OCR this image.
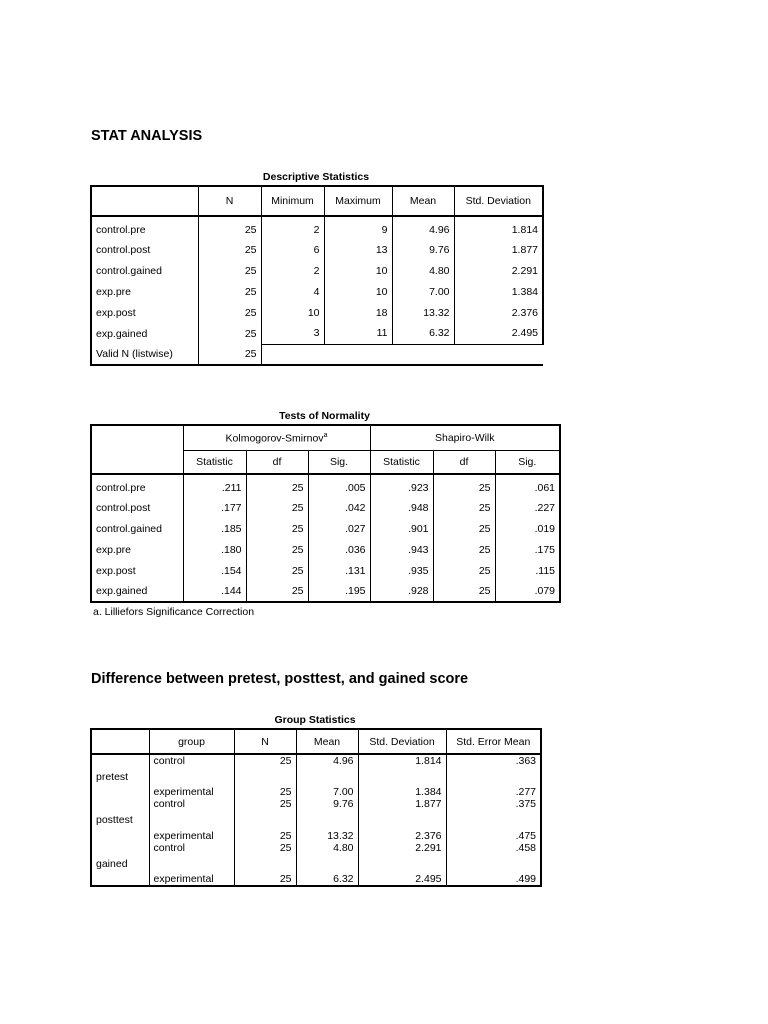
STAT ANALYSIS
Descriptive Statistics
	N	Minimum	Maximum	Mean	Std. Deviation
control.pre	25	2	9	4.96	1.814
control.post	25	6	13	9.76	1.877
control.gained	25	2	10	4.80	2.291
exp.pre	25	4	10	7.00	1.384
exp.post	25	10	18	13.32	2.376
exp.gained	25	3	11	6.32	2.495
Valid N (listwise)	25				
Tests of Normality
	Kolmogorov-Smirnov$^a$			Shapiro-Wilk		
	Statistic	df	Sig.	Statistic	df	Sig.
control.pre	.211	25	.005	.923	25	.061
control.post	.177	25	.042	.948	25	.227
control.gained	.185	25	.027	.901	25	.019
exp.pre	.180	25	.036	.943	25	.175
exp.post	.154	25	.131	.935	25	.115
exp.gained	.144	25	.195	.928	25	.079
a. Lilliefors Significance Correction
Difference between pretest, posttest, and gained score
Group Statistics
	group	N	Mean	Std. Deviation	Std. Error Mean
pretest	control	25	4.96	1.814	.363
	experimental	25	7.00	1.384	.277
posttest	control	25	9.76	1.877	.375
	experimental	25	13.32	2.376	.475
gained	control	25	4.80	2.291	.458
	experimental	25	6.32	2.495	.499
